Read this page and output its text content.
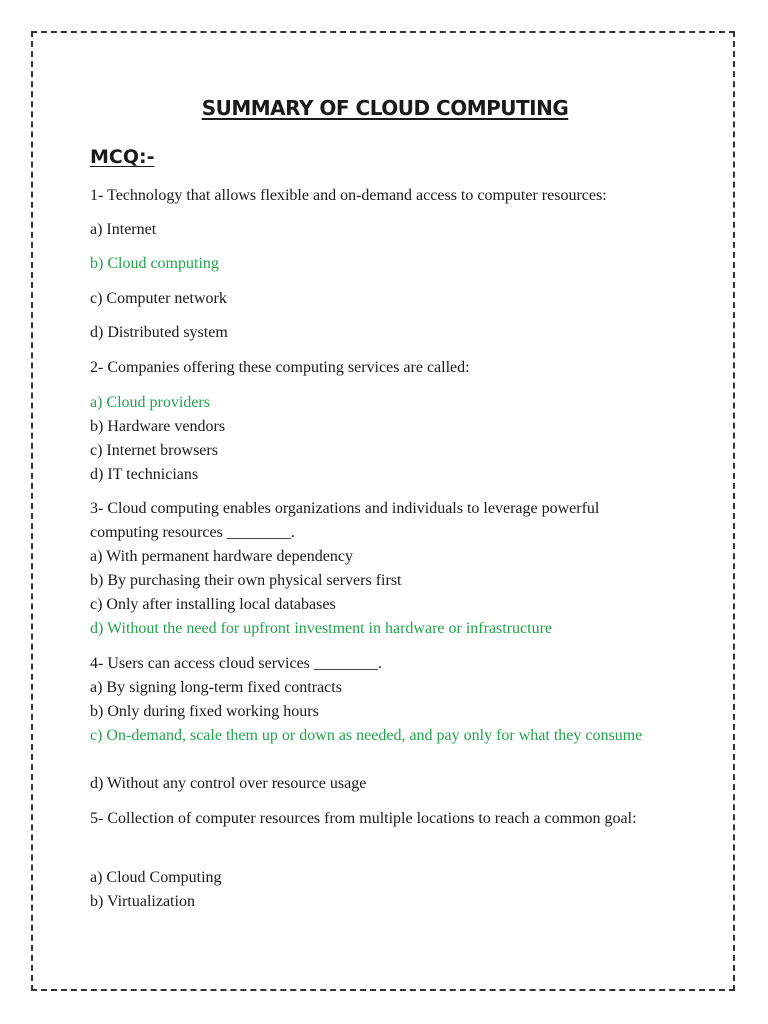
SUMMARY OF CLOUD COMPUTING
MCQ:-
1- Technology that allows flexible and on-demand access to computer resources:
a) Internet
b) Cloud computing
c) Computer network
d) Distributed system
2- Companies offering these computing services are called:
a) Cloud providers
b) Hardware vendors
c) Internet browsers
d) IT technicians
3- Cloud computing enables organizations and individuals to leverage powerful computing resources ________.
a) With permanent hardware dependency
b) By purchasing their own physical servers first
c) Only after installing local databases
d) Without the need for upfront investment in hardware or infrastructure
4- Users can access cloud services ________.
a) By signing long-term fixed contracts
b) Only during fixed working hours
c) On-demand, scale them up or down as needed, and pay only for what they consume
d) Without any control over resource usage
5- Collection of computer resources from multiple locations to reach a common goal:
a) Cloud Computing
b) Virtualization
